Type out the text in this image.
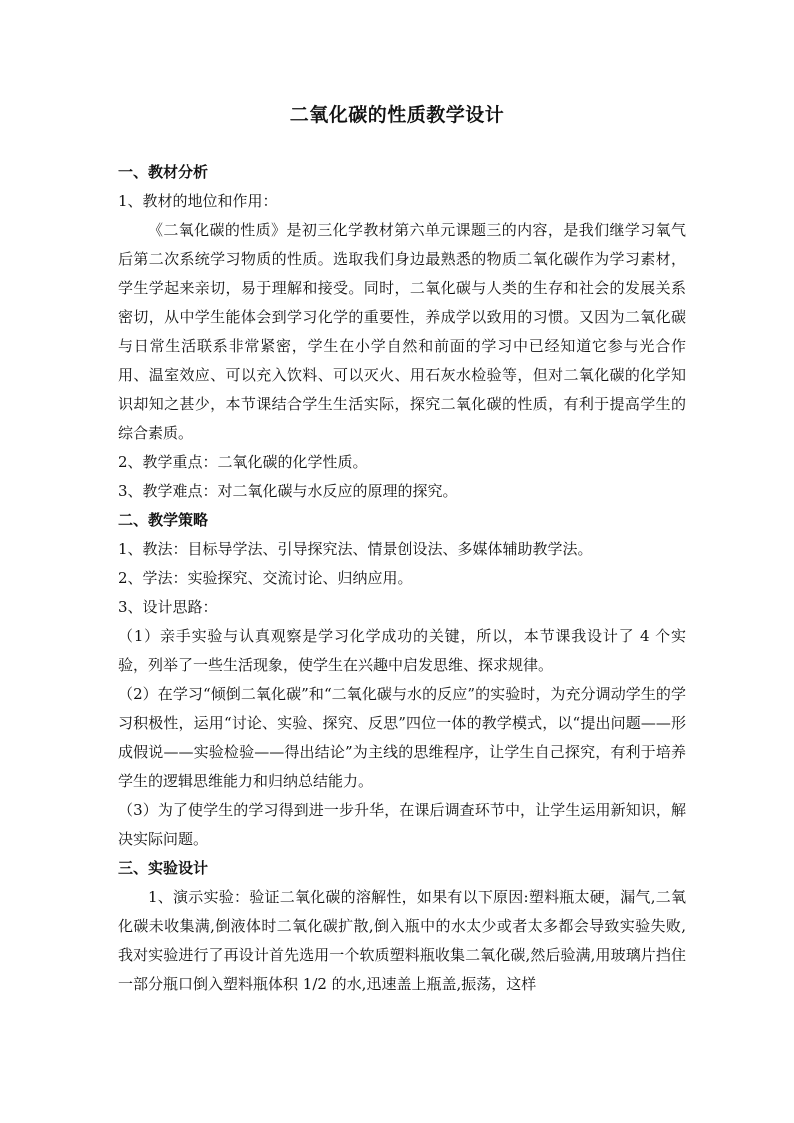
二氧化碳的性质教学设计

一、教材分析

1、教材的地位和作用：

《二氧化碳的性质》是初三化学教材第六单元课题三的内容，是我们继学习氧气后第二次系统学习物质的性质。选取我们身边最熟悉的物质二氧化碳作为学习素材，学生学起来亲切，易于理解和接受。同时，二氧化碳与人类的生存和社会的发展关系密切，从中学生能体会到学习化学的重要性，养成学以致用的习惯。又因为二氧化碳与日常生活联系非常紧密，学生在小学自然和前面的学习中已经知道它参与光合作用、温室效应、可以充入饮料、可以灭火、用石灰水检验等，但对二氧化碳的化学知识却知之甚少，本节课结合学生生活实际，探究二氧化碳的性质，有利于提高学生的综合素质。

2、教学重点：二氧化碳的化学性质。

3、教学难点：对二氧化碳与水反应的原理的探究。

二、教学策略

1、教法：目标导学法、引导探究法、情景创设法、多媒体辅助教学法。

2、学法：实验探究、交流讨论、归纳应用。

3、设计思路：

（1）亲手实验与认真观察是学习化学成功的关键，所以，本节课我设计了 4 个实验，列举了一些生活现象，使学生在兴趣中启发思维、探求规律。

（2）在学习“倾倒二氧化碳”和“二氧化碳与水的反应”的实验时，为充分调动学生的学习积极性，运用“讨论、实验、探究、反思”四位一体的教学模式，以“提出问题——形成假说——实验检验——得出结论”为主线的思维程序，让学生自己探究，有利于培养学生的逻辑思维能力和归纳总结能力。

（3）为了使学生的学习得到进一步升华，在课后调查环节中，让学生运用新知识，解决实际问题。

三、实验设计

1、演示实验：验证二氧化碳的溶解性，如果有以下原因:塑料瓶太硬，漏气,二氧化碳未收集满,倒液体时二氧化碳扩散,倒入瓶中的水太少或者太多都会导致实验失败,我对实验进行了再设计首先选用一个软质塑料瓶收集二氧化碳,然后验满,用玻璃片挡住一部分瓶口倒入塑料瓶体积 1/2 的水,迅速盖上瓶盖,振荡，这样
